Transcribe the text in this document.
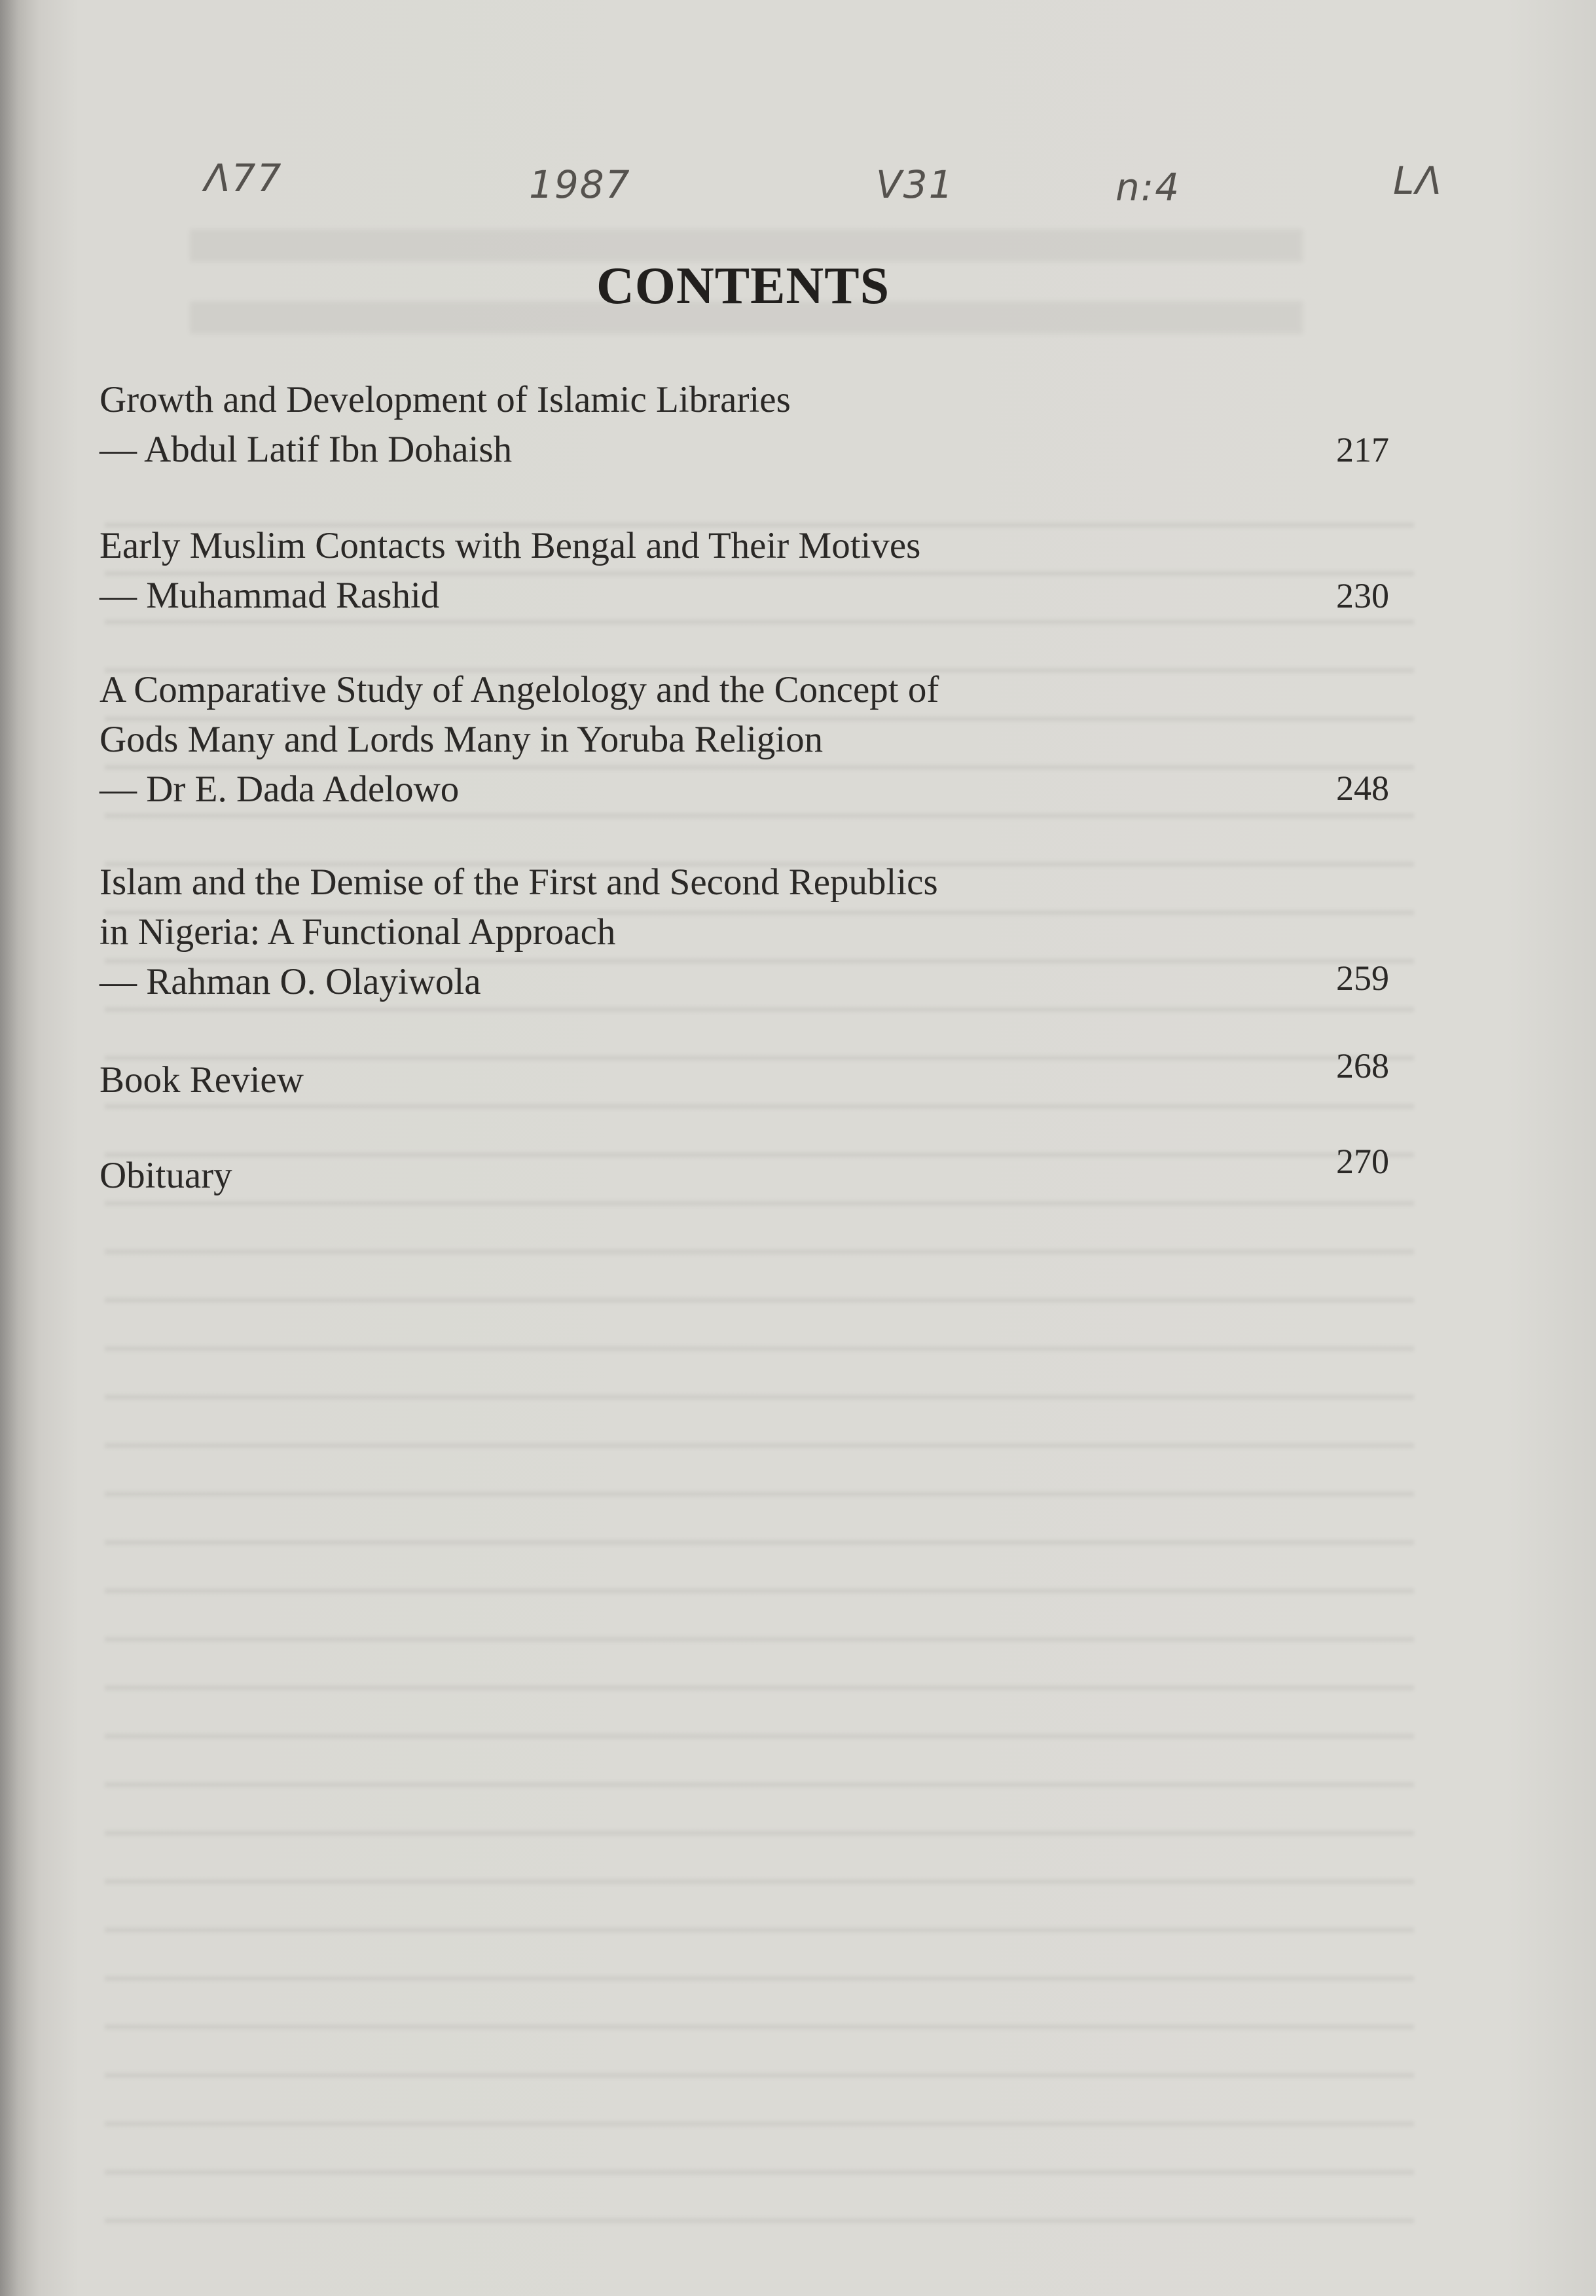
Λ77	1987	V31	n:4	LΛ
CONTENTS
Growth and Development of Islamic Libraries
— Abdul Latif Ibn Dohaish	217
Early Muslim Contacts with Bengal and Their Motives
— Muhammad Rashid	230
A Comparative Study of Angelology and the Concept of
Gods Many and Lords Many in Yoruba Religion
— Dr E. Dada Adelowo	248
Islam and the Demise of the First and Second Republics
in Nigeria: A Functional Approach
— Rahman O. Olayiwola	259
Book Review	268
Obituary	270
